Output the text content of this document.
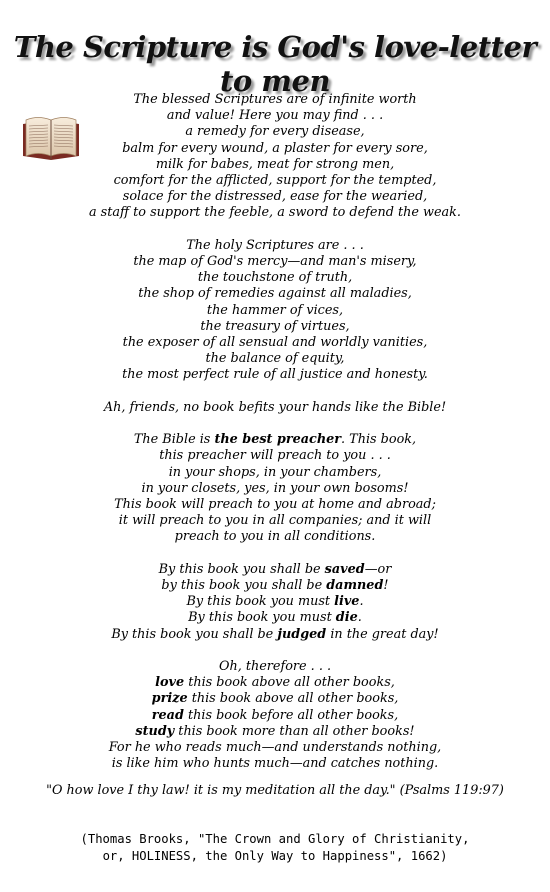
The Scripture is God's love-letter to men

The blessed Scriptures are of infinite worth
and value! Here you may find . . .
a remedy for every disease,
balm for every wound, a plaster for every sore,
milk for babes, meat for strong men,
comfort for the afflicted, support for the tempted,
solace for the distressed, ease for the wearied,
a staff to support the feeble, a sword to defend the weak.

The holy Scriptures are . . .
the map of God's mercy—and man's misery,
the touchstone of truth,
the shop of remedies against all maladies,
the hammer of vices,
the treasury of virtues,
the exposer of all sensual and worldly vanities,
the balance of equity,
the most perfect rule of all justice and honesty.

Ah, friends, no book befits your hands like the Bible!

The Bible is the best preacher. This book,
this preacher will preach to you . . .
in your shops, in your chambers,
in your closets, yes, in your own bosoms!
This book will preach to you at home and abroad;
it will preach to you in all companies; and it will
preach to you in all conditions.

By this book you shall be saved—or
by this book you shall be damned!
By this book you must live.
By this book you must die.
By this book you shall be judged in the great day!

Oh, therefore . . .
love this book above all other books,
prize this book above all other books,
read this book before all other books,
study this book more than all other books!
For he who reads much—and understands nothing,
is like him who hunts much—and catches nothing.

"O how love I thy law! it is my meditation all the day." (Psalms 119:97)

(Thomas Brooks, "The Crown and Glory of Christianity,
or, HOLINESS, the Only Way to Happiness", 1662)
